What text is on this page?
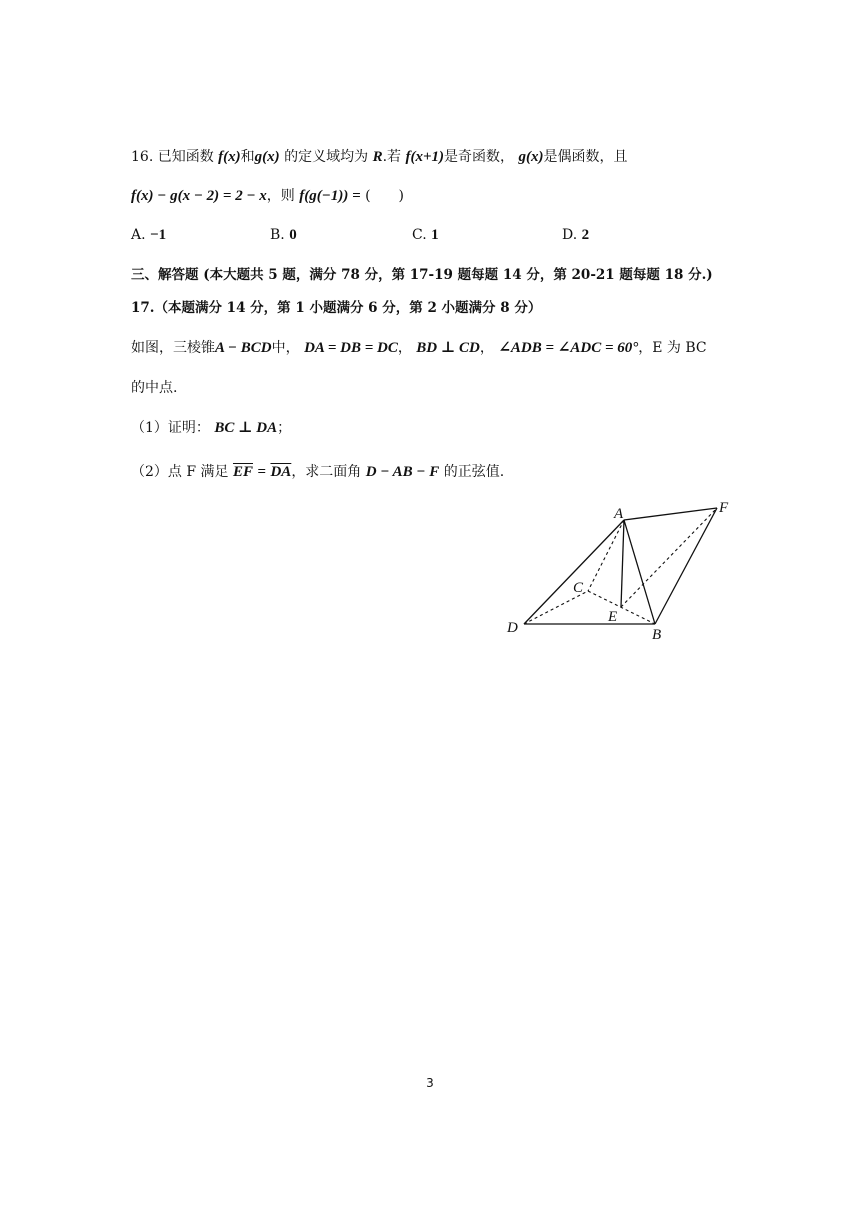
16. 已知函数 f(x)和g(x) 的定义域均为 R.若 f(x+1)是奇函数， g(x)是偶函数，且
f(x) − g(x − 2) = 2 − x，则 f(g(−1)) = (　　)
A. −1	B. 0	C. 1	D. 2
三、解答题 (本大题共 5 题，满分 78 分，第 17-19 题每题 14 分，第 20-21 题每题 18 分.)
17.（本题满分 14 分，第 1 小题满分 6 分，第 2 小题满分 8 分）
如图，三棱锥A − BCD中， DA = DB = DC， BD ⊥ CD， ∠ADB = ∠ADC = 60°，E 为 BC
的中点.
（1）证明： BC ⊥ DA；
（2）点 F 满足 $\overline{EF} = \overline{DA}$，求二面角 D − AB − F 的正弦值.
A	F
C
E
D	B
3
